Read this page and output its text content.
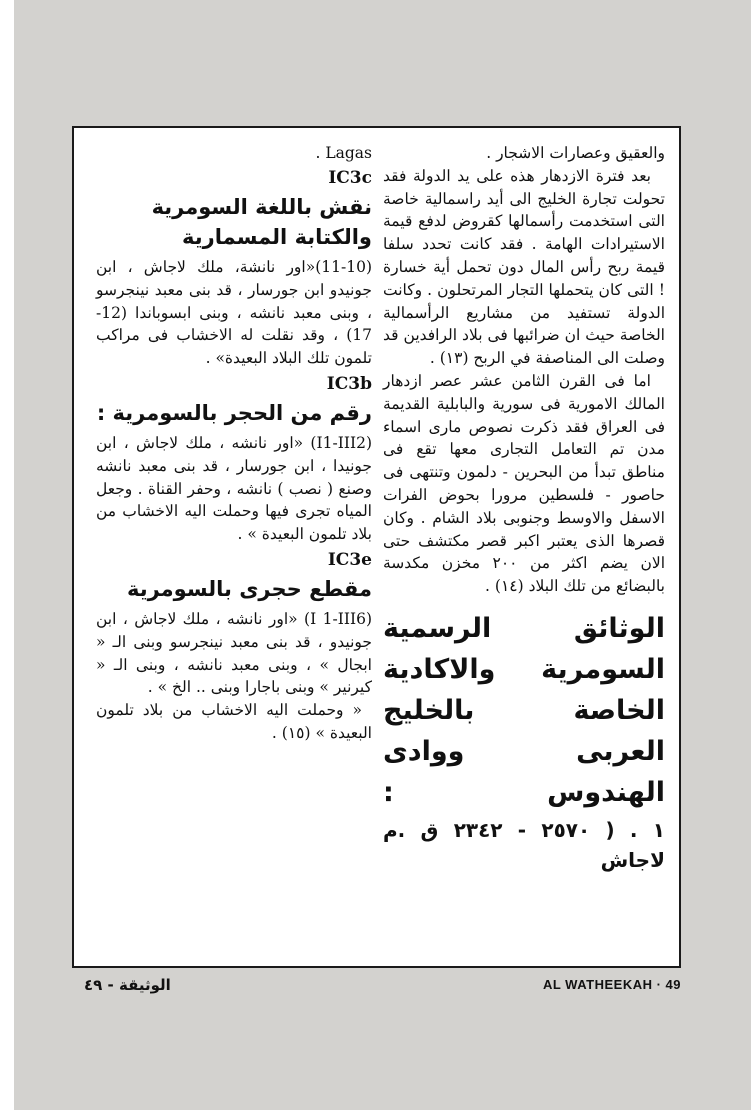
والعقيق وعصارات الاشجار .

بعد فترة الازدهار هذه على يد الدولة فقد تحولت تجارة الخليج الى أيد راسمالية خاصة التى استخدمت رأسمالها كقروض لدفع قيمة الاستيرادات الهامة . فقد كانت تحدد سلفا قيمة ربح رأس المال دون تحمل أية خسارة ! التى كان يتحملها التجار المرتحلون . وكانت الدولة تستفيد من مشاريع الرأسمالية الخاصة حيث ان ضرائبها فى بلاد الرافدين قد وصلت الى المناصفة في الربح (١٣) .

اما فى القرن الثامن عشر عصر ازدهار المالك الامورية فى سورية والبابلية القديمة فى العراق فقد ذكرت نصوص مارى اسماء مدن تم التعامل التجارى معها تقع فى مناطق تبدأ من البحرين - دلمون وتنتهى فى حاصور - فلسطين مرورا بحوض الفرات الاسفل والاوسط وجنوبى بلاد الشام . وكان قصرها الذى يعتبر اكبر قصر مكتشف حتى الان يضم اكثر من ٢٠٠ مخزن مكدسة بالبضائع من تلك البلاد (١٤) .

الوثائق الرسمية السومرية والاكادية الخاصة بالخليج العربى ووادى الهندوس :
١ . ( ٢٥٧٠ - ٢٣٤٢ ق .م لاجاش
. Lagas
IC3c
نقش باللغة السومرية والكتابة المسمارية

(11-10)«اور نانشة، ملك لاجاش ، ابن جونيدو ابن جورسار ، قد بنى معبد نينجرسو ، وبنى معبد نانشه ، وبنى ابسوباندا (12-17) ، وقد نقلت له الاخشاب فى مراكب تلمون تلك البلاد البعيدة» .

IC3b
رقم من الحجر بالسومرية :

(I1-III2) «اور نانشه ، ملك لاجاش ، ابن جونيدا ، ابن جورسار ، قد بنى معبد نانشه وصنع ( نصب ) نانشه ، وحفر القناة . وجعل المياه تجرى فيها وحملت اليه الاخشاب من بلاد تلمون البعيدة » .

IC3e
مقطع حجرى بالسومرية

(I 1-III6) «اور نانشه ، ملك لاجاش ، ابن جونيدو ، قد بنى معبد نينجرسو وبنى الـ « ابجال » ، وبنى معبد نانشه ، وبنى الـ « كيرنير » وبنى باجارا وبنى .. الخ » .

« وحملت اليه الاخشاب من بلاد تلمون البعيدة » (١٥) .

الوثيقة - ٤٩	AL WATHEEKAH · 49
